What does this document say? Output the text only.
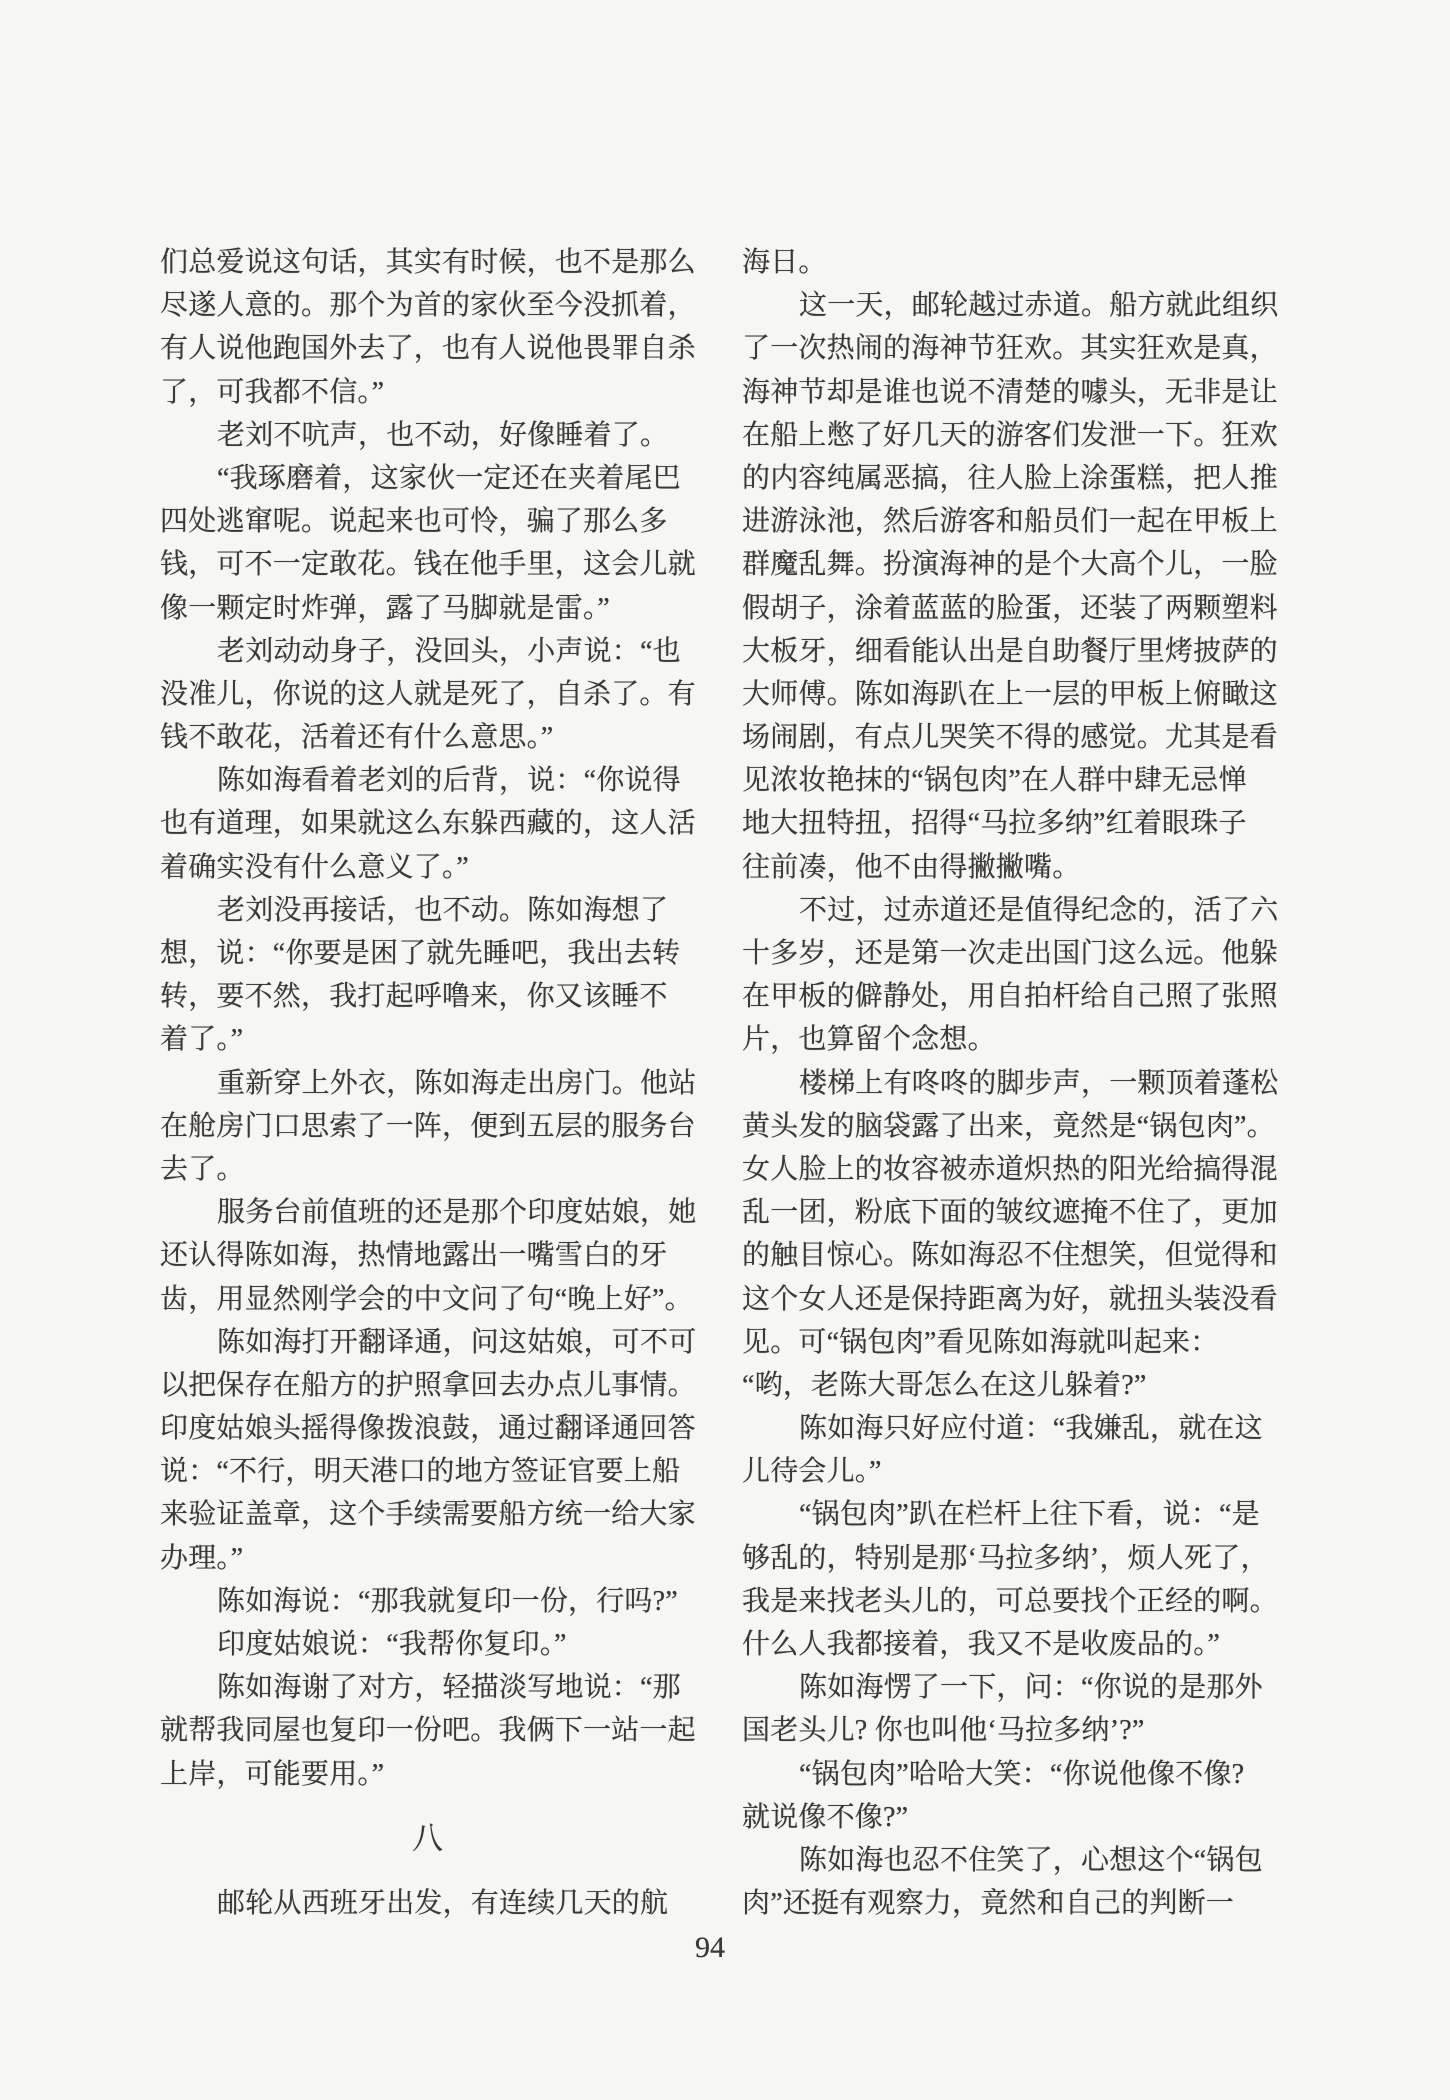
们总爱说这句话，其实有时候，也不是那么
尽遂人意的。那个为首的家伙至今没抓着，
有人说他跑国外去了，也有人说他畏罪自杀
了，可我都不信。”
老刘不吭声，也不动，好像睡着了。
“我琢磨着，这家伙一定还在夹着尾巴
四处逃窜呢。说起来也可怜，骗了那么多
钱，可不一定敢花。钱在他手里，这会儿就
像一颗定时炸弹，露了马脚就是雷。”
老刘动动身子，没回头，小声说：“也
没准儿，你说的这人就是死了，自杀了。有
钱不敢花，活着还有什么意思。”
陈如海看着老刘的后背，说：“你说得
也有道理，如果就这么东躲西藏的，这人活
着确实没有什么意义了。”
老刘没再接话，也不动。陈如海想了
想，说：“你要是困了就先睡吧，我出去转
转，要不然，我打起呼噜来，你又该睡不
着了。”
重新穿上外衣，陈如海走出房门。他站
在舱房门口思索了一阵，便到五层的服务台
去了。
服务台前值班的还是那个印度姑娘，她
还认得陈如海，热情地露出一嘴雪白的牙
齿，用显然刚学会的中文问了句“晚上好”。
陈如海打开翻译通，问这姑娘，可不可
以把保存在船方的护照拿回去办点儿事情。
印度姑娘头摇得像拨浪鼓，通过翻译通回答
说：“不行，明天港口的地方签证官要上船
来验证盖章，这个手续需要船方统一给大家
办理。”
陈如海说：“那我就复印一份，行吗?”
印度姑娘说：“我帮你复印。”
陈如海谢了对方，轻描淡写地说：“那
就帮我同屋也复印一份吧。我俩下一站一起
上岸，可能要用。”
八
邮轮从西班牙出发，有连续几天的航
海日。
这一天，邮轮越过赤道。船方就此组织
了一次热闹的海神节狂欢。其实狂欢是真，
海神节却是谁也说不清楚的噱头，无非是让
在船上憋了好几天的游客们发泄一下。狂欢
的内容纯属恶搞，往人脸上涂蛋糕，把人推
进游泳池，然后游客和船员们一起在甲板上
群魔乱舞。扮演海神的是个大高个儿，一脸
假胡子，涂着蓝蓝的脸蛋，还装了两颗塑料
大板牙，细看能认出是自助餐厅里烤披萨的
大师傅。陈如海趴在上一层的甲板上俯瞰这
场闹剧，有点儿哭笑不得的感觉。尤其是看
见浓妆艳抹的“锅包肉”在人群中肆无忌惮
地大扭特扭，招得“马拉多纳”红着眼珠子
往前凑，他不由得撇撇嘴。
不过，过赤道还是值得纪念的，活了六
十多岁，还是第一次走出国门这么远。他躲
在甲板的僻静处，用自拍杆给自己照了张照
片，也算留个念想。
楼梯上有咚咚的脚步声，一颗顶着蓬松
黄头发的脑袋露了出来，竟然是“锅包肉”。
女人脸上的妆容被赤道炽热的阳光给搞得混
乱一团，粉底下面的皱纹遮掩不住了，更加
的触目惊心。陈如海忍不住想笑，但觉得和
这个女人还是保持距离为好，就扭头装没看
见。可“锅包肉”看见陈如海就叫起来：
“哟，老陈大哥怎么在这儿躲着?”
陈如海只好应付道：“我嫌乱，就在这
儿待会儿。”
“锅包肉”趴在栏杆上往下看，说：“是
够乱的，特别是那‘马拉多纳’，烦人死了，
我是来找老头儿的，可总要找个正经的啊。
什么人我都接着，我又不是收废品的。”
陈如海愣了一下，问：“你说的是那外
国老头儿? 你也叫他‘马拉多纳’?”
“锅包肉”哈哈大笑：“你说他像不像?
就说像不像?”
陈如海也忍不住笑了，心想这个“锅包
肉”还挺有观察力，竟然和自己的判断一
94
